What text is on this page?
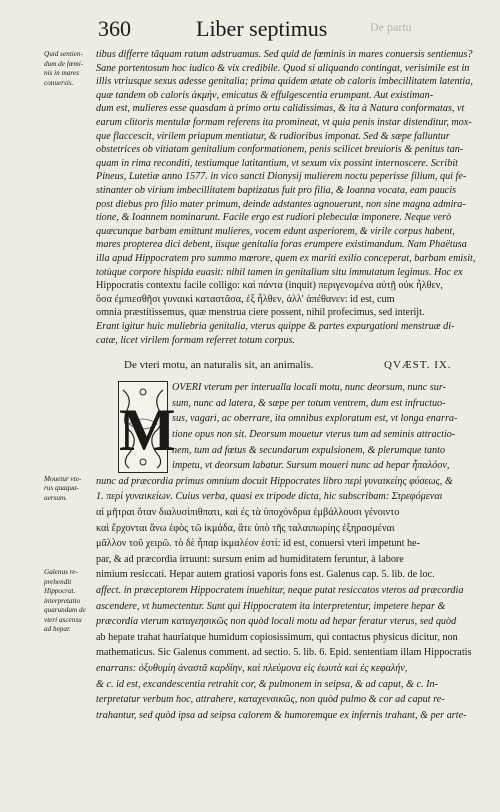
360	Liber septimus	De partu
Quid sentien-
dum de fœmi-
nis in mares
conuersis.
Mouetur vte-
rus quaqua-
uersum.
Galenus re-
prehendit
Hippocrat.
interpretatio
quarundam de
vteri ascensu
ad hepar.
tibus differre tãquam ratum adstruamus. Sed quid de fœminis in mares conuersis sentiemus?
Sane portentosum hoc iudico & vix credibile. Quod si aliquando contingat, verisimile est in
illis vtriusque sexus adesse genitalia; prima quidem ætate ob caloris imbecillitatem latentia,
quæ tandem ob caloris ἀκμὴν, emicatus & effulgescentia erumpant. Aut existiman-
dum est, mulieres esse quasdam à primo ortu calidissimas, & ita à Natura conformatas, vt
earum clitoris mentulæ formam referens ita promineat, vt quia penis instar distenditur, mox-
que flaccescit, virilem priapum mentiatur, & rudioribus imponat. Sed & sæpe falluntur
obstetrices ob vitiatam genitalium conformationem, penis scilicet breuioris & penitus tan-
quam in rima reconditi, testiumque latitantium, vt sexum vix possint internoscere. Scribit
Pineus, Lutetiæ anno 1577. in vico sancti Dionysij mulierem noctu peperisse filium, qui fe-
stinanter ob virium imbecillitatem baptizatus fuit pro filia, & Ioanna vocata, eam paucis
post diebus pro filio mater primum, deinde adstantes agnouerunt, non sine magna admira-
tione, & Ioannem nominarunt. Facile ergo est rudiori plebeculæ imponere. Neque verò
quæcunque barbam emittunt mulieres, vocem edunt asperiorem, & virile corpus habent,
mares propterea dici debent, iisque genitalia foras erumpere existimandum. Nam Phaëtusa
illa apud Hippocratem pro summo mœrore, quem ex mariti exilio conceperat, barbam emisit,
totùque corpore hispida euasit: nihil tamen in genitalium situ immutatum legimus. Hoc ex
Hippocratis contextu facile colligo: καὶ πάντα (inquit) περιγενομένα αὐτῇ οὐκ ἦλθεν,
ὅσα ἐμπιεσθῆσι γυναικὶ καταστᾶσα, ἐξ ἧλθεν, ἀλλ' ἀπέθανεν: id est, cum
omnia præstitissemus, quæ menstrua ciere possent, nihil profecimus, sed interijt.
Erant igitur huic muliebria genitalia, vterus quippe & partes expurgationi menstruæ di-
catæ, licet virilem formam referret totum corpus.
De vteri motu, an naturalis sit, an animalis.	QVÆST. IX.
M
OVERI vterum per interualla locali motu, nunc deorsum, nunc sur-
sum, nunc ad latera, & sæpe per totum ventrem, dum est infructuo-
sus, vagari, ac oberrare, ita omnibus exploratum est, vt longa enarra-
tione opus non sit. Deorsum mouetur vterus tum ad seminis attractio-
nem, tum ad fœtus & secundarum expulsionem, & plerumque tanto
impetu, vt deorsum labatur. Sursum moueri nunc ad hepar ἧπαλόον,
nunc ad præcordia primus omnium docuit Hippocrates libro περὶ γυναικείης φύσεως, &
1. περὶ γυναικείων. Cuius verba, quasi ex tripode dicta, hic subscribam: Στρεφόμεναι
αἱ μῆτραι ὅταν διαλυσίπιθπατι, καὶ ἐς τὰ ὑποχόνδρια ἐμβάλλουσι γένοιντο
καὶ ἔρχονται ἄνω ἐφὸς τῶ ἰκμάδα, ἅτε ὑπὸ τῆς ταλαιπωρίης ἐξηρασμέναι
μᾶλλον τοῦ χειρῶ. τὸ δὲ ἧπαρ ἱκμαλέον ἐστί: id est, conuersi vteri impetunt he-
par, & ad præcordia irruunt: sursum enim ad humiditatem feruntur, à labore
nimium resiccati. Hepar autem gratiosi vaporis fons est. Galenus cap. 5. lib. de loc.
affect. in præceptorem Hippocratem inuehitur, neque putat resiccatos vteros ad præcordia
ascendere, vt humectentur. Sunt qui Hippocratem ita interpretentur, impetere hepar &
præcordia vterum καταγεησικῶς non quòd locali motu ad hepar feratur vterus, sed quòd
ab hepate trahat haurîatque humidum copiosissimum, qui contactus physicus dicitur, non
mathematicus. Sic Galenus comment. ad sectio. 5. lib. 6. Epid. sententiam illam Hippocratis
enarrans: ὀξυθυμίη ἀναστᾶ καρδίην, καὶ πλεύμονα εἰς ἑωυτὰ καὶ ἐς κεφαλήν,
& c. id est, excandescentia retrahit cor, & pulmonem in seipsa, & ad caput, & c. In-
terpretatur verbum hoc, attrahere, καταχενσικῶς, non quòd pulmo & cor ad caput re-
trahantur, sed quòd ipsa ad seipsa calorem & humoremque ex infernis trahant, & per arte-
